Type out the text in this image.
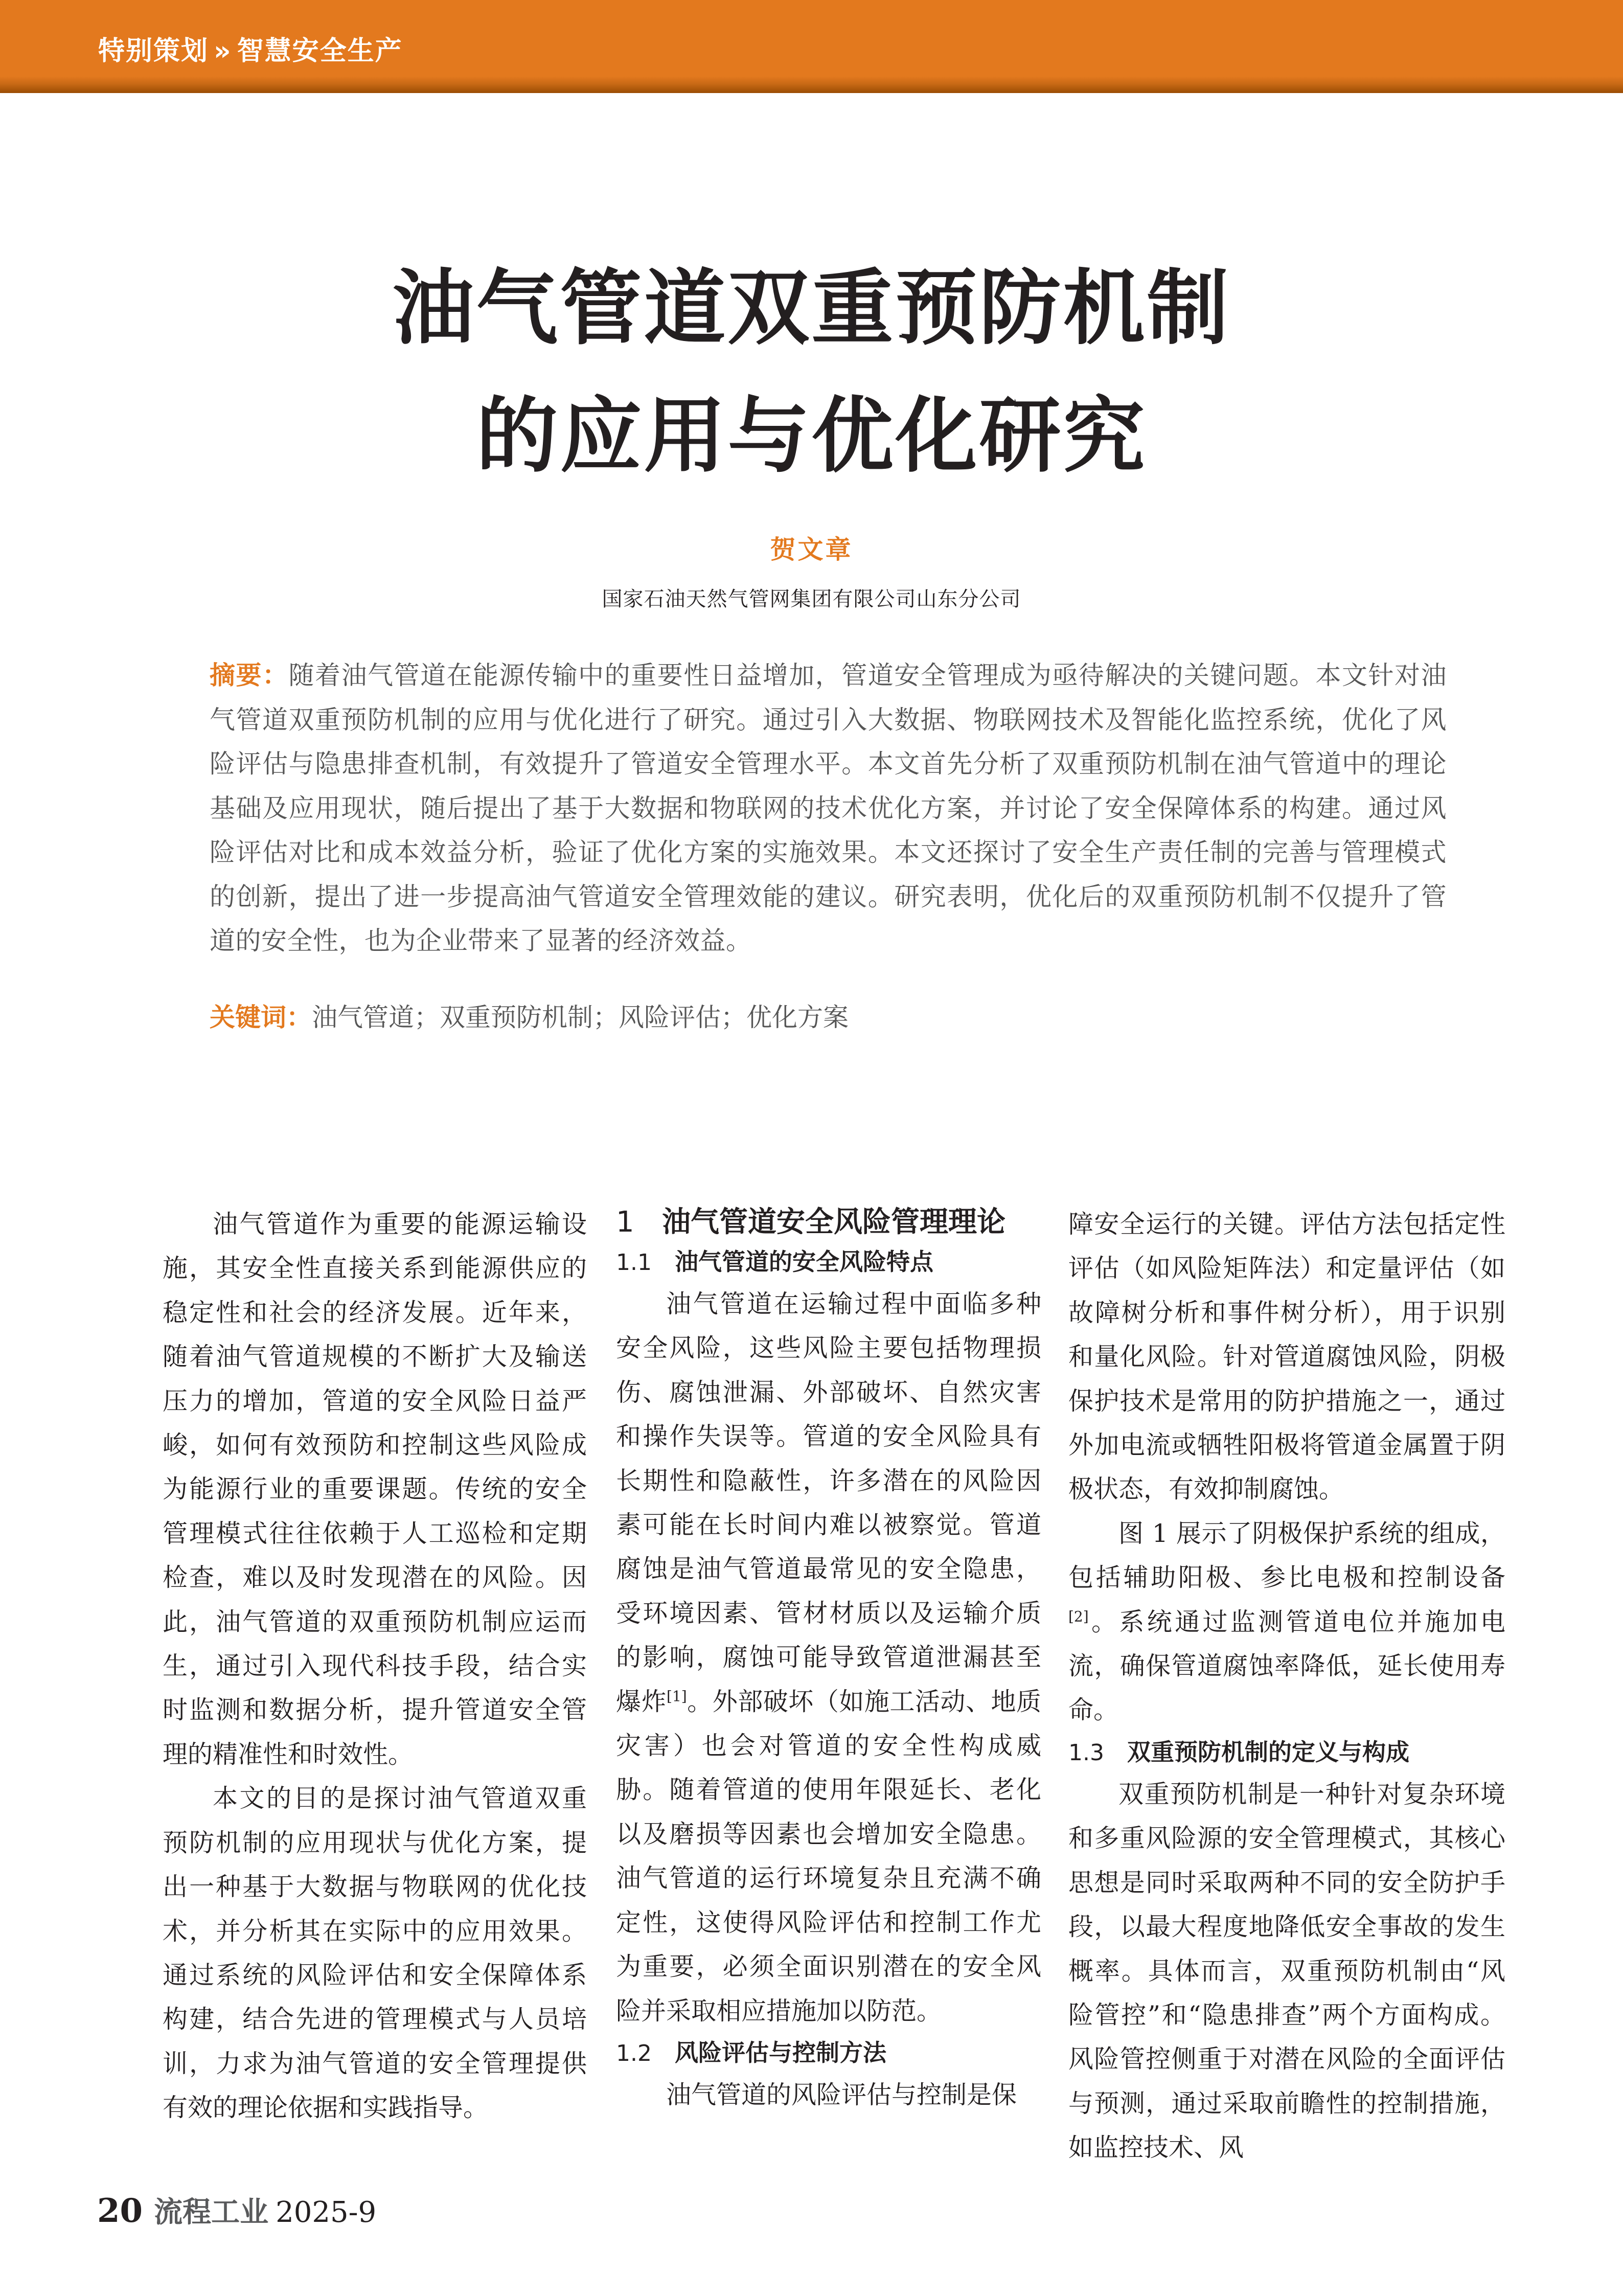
特别策划 » 智慧安全生产
油气管道双重预防机制
的应用与优化研究
贺文章
国家石油天然气管网集团有限公司山东分公司
摘要：随着油气管道在能源传输中的重要性日益增加，管道安全管理成为亟待解决的关键问题。本文针对油气管道双重预防机制的应用与优化进行了研究。通过引入大数据、物联网技术及智能化监控系统，优化了风险评估与隐患排查机制，有效提升了管道安全管理水平。本文首先分析了双重预防机制在油气管道中的理论基础及应用现状，随后提出了基于大数据和物联网的技术优化方案，并讨论了安全保障体系的构建。通过风险评估对比和成本效益分析，验证了优化方案的实施效果。本文还探讨了安全生产责任制的完善与管理模式的创新，提出了进一步提高油气管道安全管理效能的建议。研究表明，优化后的双重预防机制不仅提升了管道的安全性，也为企业带来了显著的经济效益。
关键词：油气管道；双重预防机制；风险评估；优化方案

油气管道作为重要的能源运输设施，其安全性直接关系到能源供应的稳定性和社会的经济发展。近年来，随着油气管道规模的不断扩大及输送压力的增加，管道的安全风险日益严峻，如何有效预防和控制这些风险成为能源行业的重要课题。传统的安全管理模式往往依赖于人工巡检和定期检查，难以及时发现潜在的风险。因此，油气管道的双重预防机制应运而生，通过引入现代科技手段，结合实时监测和数据分析，提升管道安全管理的精准性和时效性。

本文的目的是探讨油气管道双重预防机制的应用现状与优化方案，提出一种基于大数据与物联网的优化技术，并分析其在实际中的应用效果。通过系统的风险评估和安全保障体系构建，结合先进的管理模式与人员培训，力求为油气管道的安全管理提供有效的理论依据和实践指导。

1 油气管道安全风险管理理论
1.1 油气管道的安全风险特点

油气管道在运输过程中面临多种安全风险，这些风险主要包括物理损伤、腐蚀泄漏、外部破坏、自然灾害和操作失误等。管道的安全风险具有长期性和隐蔽性，许多潜在的风险因素可能在长时间内难以被察觉。管道腐蚀是油气管道最常见的安全隐患，受环境因素、管材材质以及运输介质的影响，腐蚀可能导致管道泄漏甚至爆炸[1]。外部破坏（如施工活动、地质灾害）也会对管道的安全性构成威胁。随着管道的使用年限延长、老化以及磨损等因素也会增加安全隐患。油气管道的运行环境复杂且充满不确定性，这使得风险评估和控制工作尤为重要，必须全面识别潜在的安全风险并采取相应措施加以防范。

1.2 风险评估与控制方法

油气管道的风险评估与控制是保

障安全运行的关键。评估方法包括定性评估（如风险矩阵法）和定量评估（如故障树分析和事件树分析），用于识别和量化风险。针对管道腐蚀风险，阴极保护技术是常用的防护措施之一，通过外加电流或牺牲阳极将管道金属置于阴极状态，有效抑制腐蚀。

图 1 展示了阴极保护系统的组成，包括辅助阳极、参比电极和控制设备[2]。系统通过监测管道电位并施加电流，确保管道腐蚀率降低，延长使用寿命。

1.3 双重预防机制的定义与构成

双重预防机制是一种针对复杂环境和多重风险源的安全管理模式，其核心思想是同时采取两种不同的安全防护手段，以最大程度地降低安全事故的发生概率。具体而言，双重预防机制由“风险管控”和“隐患排查”两个方面构成。风险管控侧重于对潜在风险的全面评估与预测，通过采取前瞻性的控制措施，如监控技术、风

20 流程工业 2025-9
